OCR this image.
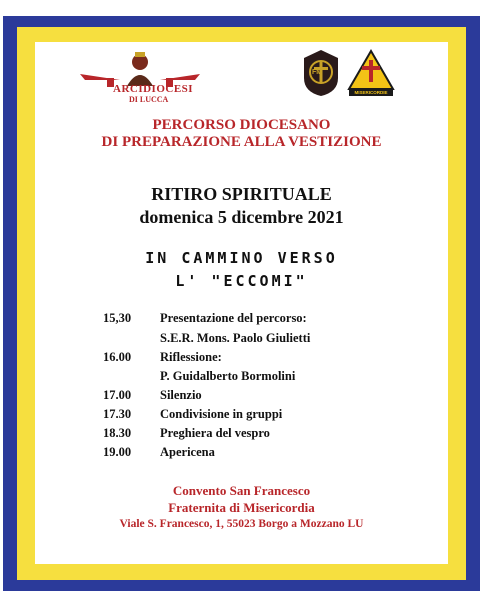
ARCIDIOCESI
DI LUCCA
FM
MISERICORDIE
PERCORSO DIOCESANO
DI PREPARAZIONE ALLA VESTIZIONE
RITIRO SPIRITUALE
domenica 5 dicembre 2021
IN CAMMINO VERSO
L' "ECCOMI"
15,30 Presentazione del percorso:
S.E.R. Mons. Paolo Giulietti
16.00 Riflessione:
P. Guidalberto Bormolini
17.00 Silenzio
17.30 Condivisione in gruppi
18.30 Preghiera del vespro
19.00 Apericena
Convento San Francesco
Fraternita di Misericordia
Viale S. Francesco, 1, 55023 Borgo a Mozzano LU
